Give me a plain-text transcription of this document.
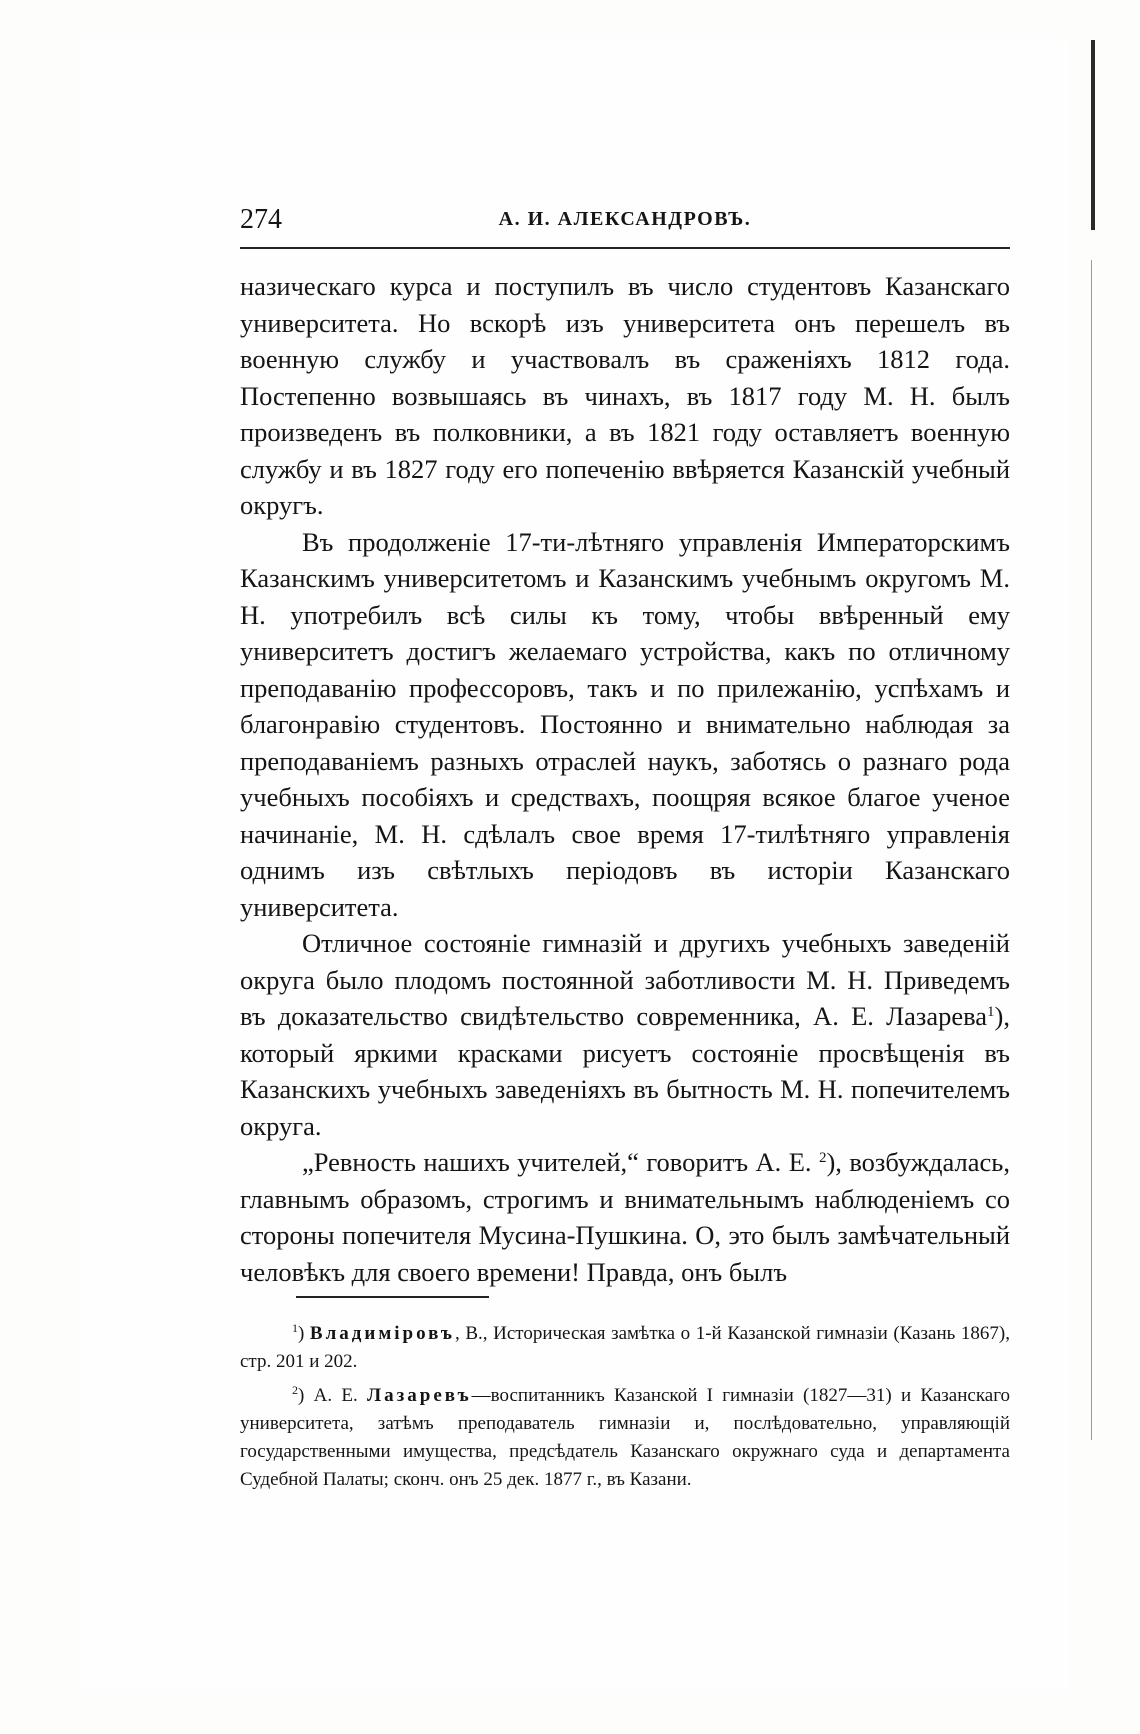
274	А. И. АЛЕКСАНДРОВЪ.

назическаго курса и поступилъ въ число студентовъ Казанскаго университета. Но вскорѣ изъ университета онъ перешелъ въ военную службу и участвовалъ въ сраженіяхъ 1812 года. Постепенно возвышаясь въ чинахъ, въ 1817 году М. Н. былъ произведенъ въ полковники, а въ 1821 году оставляетъ военную службу и въ 1827 году его попеченію ввѣряется Казанскій учебный округъ.

Въ продолженіе 17-ти-лѣтняго управленія Императорскимъ Казанскимъ университетомъ и Казанскимъ учебнымъ округомъ М. Н. употребилъ всѣ силы къ тому, чтобы ввѣренный ему университетъ достигъ желаемаго устройства, какъ по отличному преподаванію профессоровъ, такъ и по прилежанію, успѣхамъ и благонравію студентовъ. Постоянно и внимательно наблюдая за преподаваніемъ разныхъ отраслей наукъ, заботясь о разнаго рода учебныхъ пособіяхъ и средствахъ, поощряя всякое благое ученое начинаніе, М. Н. сдѣлалъ свое время 17-тилѣтняго управленія однимъ изъ свѣтлыхъ періодовъ въ исторіи Казанскаго университета.

Отличное состояніе гимназій и другихъ учебныхъ заведеній округа было плодомъ постоянной заботливости М. Н. Приведемъ въ доказательство свидѣтельство современника, А. Е. Лазарева$^1$), который яркими красками рисуетъ состояніе просвѣщенія въ Казанскихъ учебныхъ заведеніяхъ въ бытность М. Н. попечителемъ округа.

„Ревность нашихъ учителей,“ говоритъ А. Е. $^2$), возбуждалась, главнымъ образомъ, строгимъ и внимательнымъ наблюденіемъ со стороны попечителя Мусина-Пушкина. О, это былъ замѣчательный человѣкъ для своего времени! Правда, онъ былъ

$^1$) Владиміровъ, В., Историческая замѣтка о 1-й Казанской гимназіи (Казань 1867), стр. 201 и 202.

$^2$) А. Е. Лазаревъ—воспитанникъ Казанской I гимназіи (1827—31) и Казанскаго университета, затѣмъ преподаватель гимназіи и, послѣдовательно, управляющій государственными имущества, предсѣдатель Казанскаго окружнаго суда и департамента Судебной Палаты; сконч. онъ 25 дек. 1877 г., въ Казани.
